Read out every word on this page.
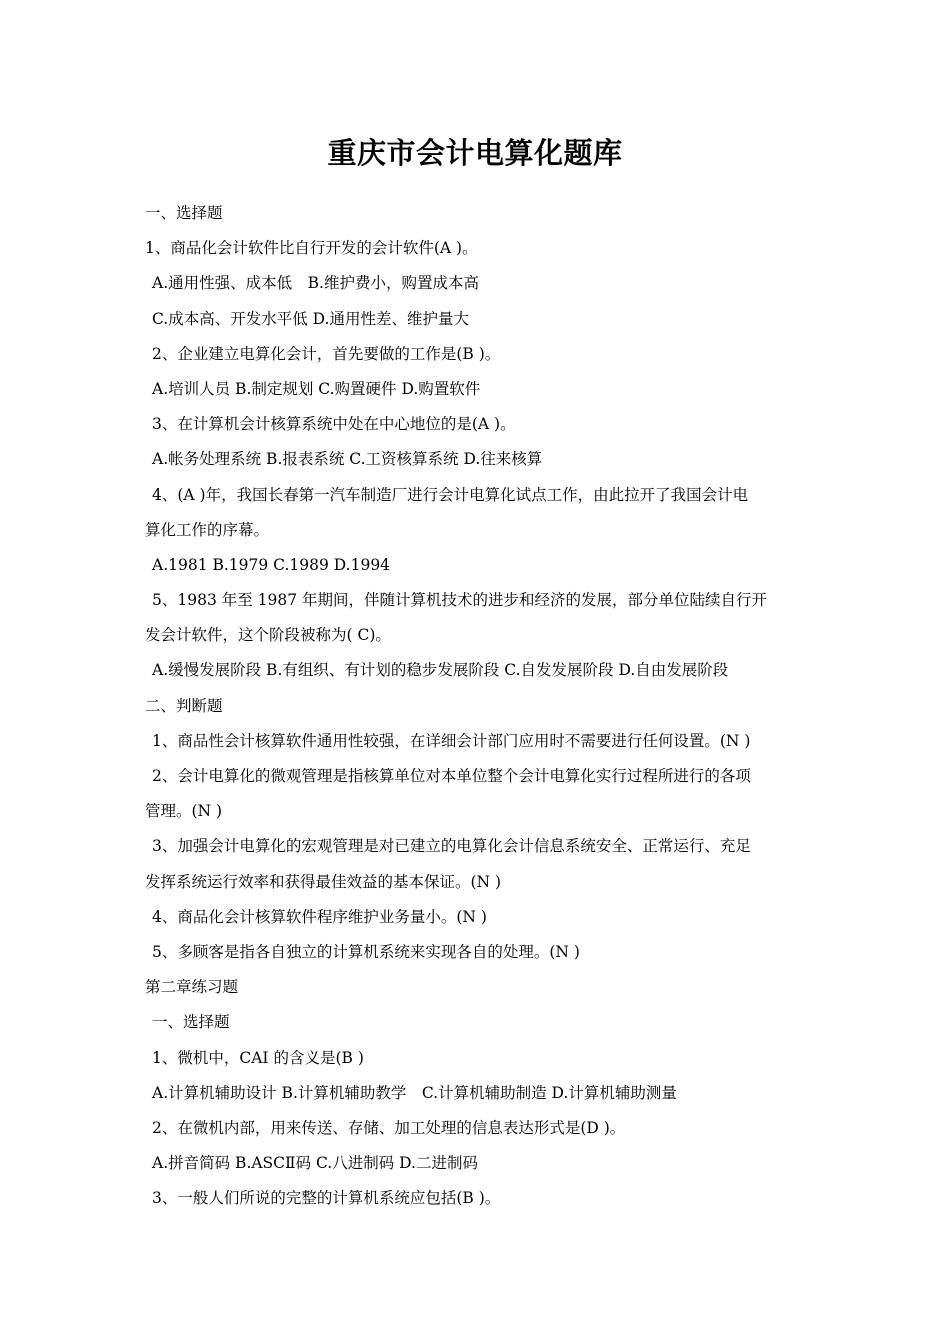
重庆市会计电算化题库
一、选择题
1、商品化会计软件比自行开发的会计软件(A )。
A.通用性强、成本低　B.维护费小，购置成本高
C.成本高、开发水平低 D.通用性差、维护量大
2、企业建立电算化会计，首先要做的工作是(B )。
A.培训人员 B.制定规划 C.购置硬件 D.购置软件
3、在计算机会计核算系统中处在中心地位的是(A )。
A.帐务处理系统 B.报表系统 C.工资核算系统 D.往来核算
4、(A )年，我国长春第一汽车制造厂进行会计电算化试点工作，由此拉开了我国会计电
算化工作的序幕。
A.1981 B.1979 C.1989 D.1994
5、1983 年至 1987 年期间，伴随计算机技术的进步和经济的发展，部分单位陆续自行开
发会计软件，这个阶段被称为( C)。
A.缓慢发展阶段 B.有组织、有计划的稳步发展阶段 C.自发发展阶段 D.自由发展阶段
二、判断题
1、商品性会计核算软件通用性较强，在详细会计部门应用时不需要进行任何设置。(N )
2、会计电算化的微观管理是指核算单位对本单位整个会计电算化实行过程所进行的各项
管理。(N )
3、加强会计电算化的宏观管理是对已建立的电算化会计信息系统安全、正常运行、充足
发挥系统运行效率和获得最佳效益的基本保证。(N )
4、商品化会计核算软件程序维护业务量小。(N )
5、多顾客是指各自独立的计算机系统来实现各自的处理。(N )
第二章练习题
一、选择题
1、微机中，CAI 的含义是(B )
A.计算机辅助设计 B.计算机辅助教学　C.计算机辅助制造 D.计算机辅助测量
2、在微机内部，用来传送、存储、加工处理的信息表达形式是(D )。
A.拼音简码 B.ASCⅡ码 C.八进制码 D.二进制码
3、一般人们所说的完整的计算机系统应包括(B )。
